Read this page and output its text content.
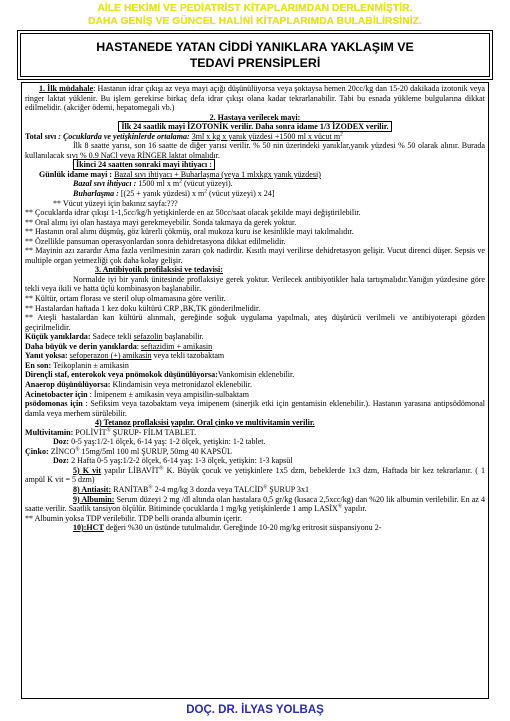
AİLE HEKİMİ VE PEDİATRİST KİTAPLARIMDAN DERLENMİŞTİR.
DAHA GENİŞ VE GÜNCEL HALİNİ KİTAPLARIMDA BULABİLİRSİNİZ.
HASTANEDE YATAN CİDDİ YANIKLARA YAKLAŞIM VE
TEDAVİ PRENSİPLERİ

1. İlk müdahale: Hastanın idrar çıkışı az veya mayi açığı düşünülüyorsa veya şoktaysa hemen 20cc/kg dan 15-20 dakikada izotonik veya ringer laktat yüklenir. Bu işlem gerekirse birkaç defa idrar çıkışı olana kadar tekrarlanabilir. Tabi bu esnada yükleme bulgularına dikkat edilmelidir. (akciğer ödemi, hepatomegali vb.)

2. Hastaya verilecek mayi:

İlk 24 saatlik mayi İZOTONİK verilir. Daha sonra idame 1/3 İZODEX verilir.

Total sıvı : Çocuklarda ve yetişkinlerde ortalama: 3ml x kg x yanık yüzdesi +1500 ml x vücut $m^2$

İlk 8 saatte yarısı, son 16 saatte de diğer yarısı verilir. % 50 nin üzerindeki yanıklar,yanık yüzdesi % 50 olarak alınır. Burada kullanılacak sıvı % 0.9 NaCl veya RİNGER laktat olmalıdır.

İkinci 24 saatten sonraki mayi ihtiyacı :

Günlük idame mayi : Bazal sıvı ihtiyacı + Buharlaşma (veya 1 mlxkgx yanık yüzdesi)

Bazal sıvı ihtiyacı : 1500 ml x $m^2$ (vücut yüzeyi).

Buharlaşma : [(25 + yanık yüzdesi) x $m^2$ (vücut yüzeyi) x 24]

** Vücut yüzeyi için bakınız sayfa:???

** Çocuklarda idrar çıkışı 1-1,5cc/kg/h yetişkinlerde en az 50cc/saat olacak şekilde mayi değiştirilebilir.

** Oral alımı iyi olan hastaya mayi gerekmeyebilir. Sonda takmaya da gerek yoktur.

** Hastanın oral alımı düşmüş, göz kürerli çökmüş, oral mukoza kuru ise kesinlikle mayi takılmalıdır.

** Özellikle pansuman operasyonlardan sonra dehidretasyona dikkat edilmelidir.

** Mayinin azı zarardır Ama fazla verilmesinin zararı çok nadirdir. Kısıtlı mayi verilirse dehidretasyon gelişir. Vucut direnci düşer. Sepsis ve multiple organ yetmezliği çok daha kolay gelişir.

3. Antibiyotik profilaksisi ve tedavisi:

Normalde iyi bir yanık ünitesinde proflaksiye gerek yoktur. Verilecek antibiyotikler hala tartışmalıdır.Yanığın yüzdesine göre tekli veya ikili ve hatta üçlü kombinasyon başlanabilir.

** Kültür, ortam florası ve steril olup olmamasına göre verilir.

** Hastalardan haftada 1 kez doku kültürü CRP ,BK,TK gönderilmelidir.

** Ateşli hastalardan kan kültürü alınmalı, gereğinde soğuk uygulama yapılmalı, ateş düşürücü verilmeli ve antibiyoterapi gözden geçirilmelidir.

Küçük yanıklarda: Sadece tekli sefazolin başlanabilir.

Daha büyük ve derin yanıklarda: seftazidim + amikasin

Yanıt yoksa: sefoperazon (+) amikasin veya tekli tazobaktam

En son: Teikoplanin ± amikasin

Dirençli staf, enterokok veya pnömokok düşünülüyorsa:Vankomisin eklenebilir.

Anaerop düşünülüyorsa: Klindamisin veya metronidazol eklenebilir.

Acinetobacter için : İmipenem ± amikasin veya ampisilin-sulbaktam

psödomonas için : Sefiksim veya tazobaktam veya imipenem (sinerjik etki için gentamisin eklenebilir.). Hastanın yarasına antipsödömonal damla veya merhem sürülebilir.

4) Tetanoz proflaksisi yapılır. Oral çinko ve multivitamin verilir.

Multivitamin: POLİVİT® ŞURUP- FİLM TABLET.

Doz: 0-5 yaş:1/2-1 ölçek, 6-14 yaş: 1-2 ölçek, yetişkin: 1-2 tablet.

Çinko: ZİNCO® 15mg/5ml 100 ml ŞURUP, 50mg 40 KAPSÜL

Doz: 2 Hafta 0-5 yaş:1/2-2 ölçek, 6-14 yaş: 1-3 ölçek, yetişkin: 1-3 kapsül

5) K vit yapılır LİBAVİT® K. Büyük çocuk ve yetişkinlere 1x5 dzm, bebeklerde 1x3 dzm, Haftada bir kez tekrarlanır. ( 1 ampül K vit = 5 dzm)

8) Antiasit: RANİTAB® 2-4 mg/kg 3 dozda veya TALCİD® ŞURUP 3x1

9) Albumin: Serum düzeyi 2 mg /dl altında olan hastalara 0,5 gr/kg (kısaca 2,5xcc/kg) dan %20 lik albumin verilebilir. En az 4 saatte verilir. Saatlik tansiyon ölçülür. Bitiminde çocuklarda 1 mg/kg yetişkinlerde 1 amp LASİX® yapılır.

** Albumin yoksa TDP verilebilir. TDP belli oranda albumin içerir.

10):HCT değeri %30 un üstünde tutulmalıdır. Gereğinde 10-20 mg/kg eritrosit süspansiyonu 2-

DOÇ. DR. İLYAS YOLBAŞ
